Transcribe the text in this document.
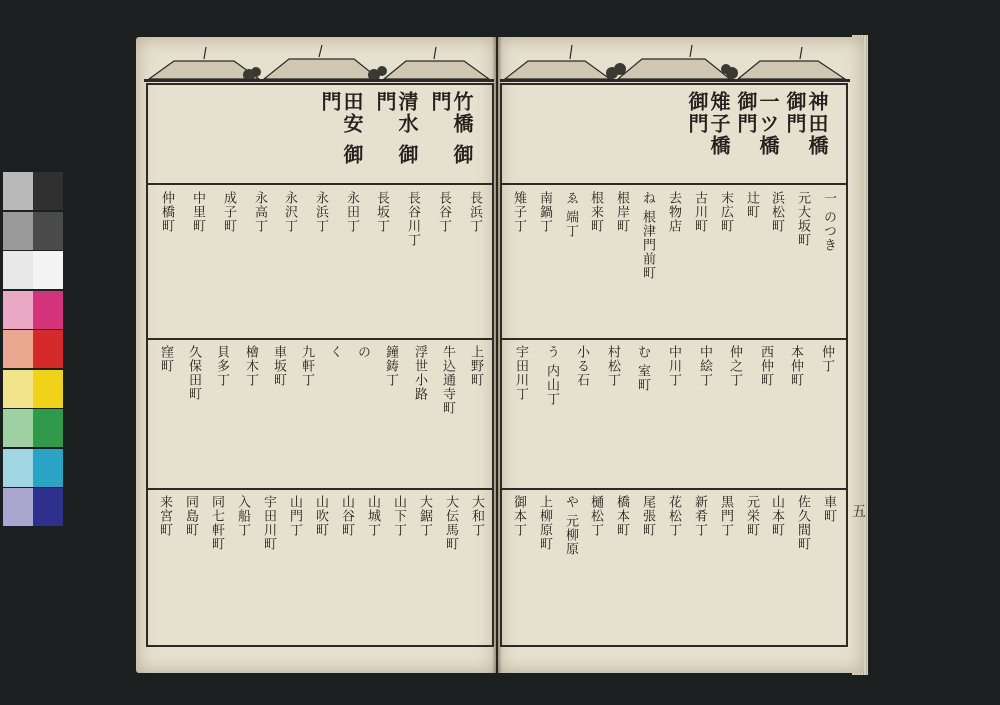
五
竹橋 御門
清水 御門
田安 御門	神田橋 御門
一ツ橋 御門
雉子橋 御門
長浜丁
長谷丁
長谷川丁
長坂丁
永田丁
永浜丁
永沢丁
永高丁
成子町
中里町
仲橋町
上野町
牛込通寺町
浮世小路
鐘鋳丁
の
く
九軒丁
車坂町
檜木丁
貝多丁
久保田町
窪町
大和丁
大伝馬町
大鋸丁
山下丁
山城丁
山谷町
山吹町
山門丁
宇田川町
入船丁
同七軒町
同島町
来宮町
一 のつき
元大坂町
浜松町
辻町
末広町
古川町
去物店
ね 根津門前町
根岸町
根来町
ゑ 端丁
南鍋丁
雉子丁
仲丁
本仲町
西仲町
仲之丁
中絵丁
中川丁
む 室町
村松丁
小る石
う 内山丁
宇田川丁
車町
佐久間町
山本町
元栄町
黒門丁
新肴丁
花松丁
尾張町
橋本町
樋松丁
や 元柳原
上柳原町
御本丁
